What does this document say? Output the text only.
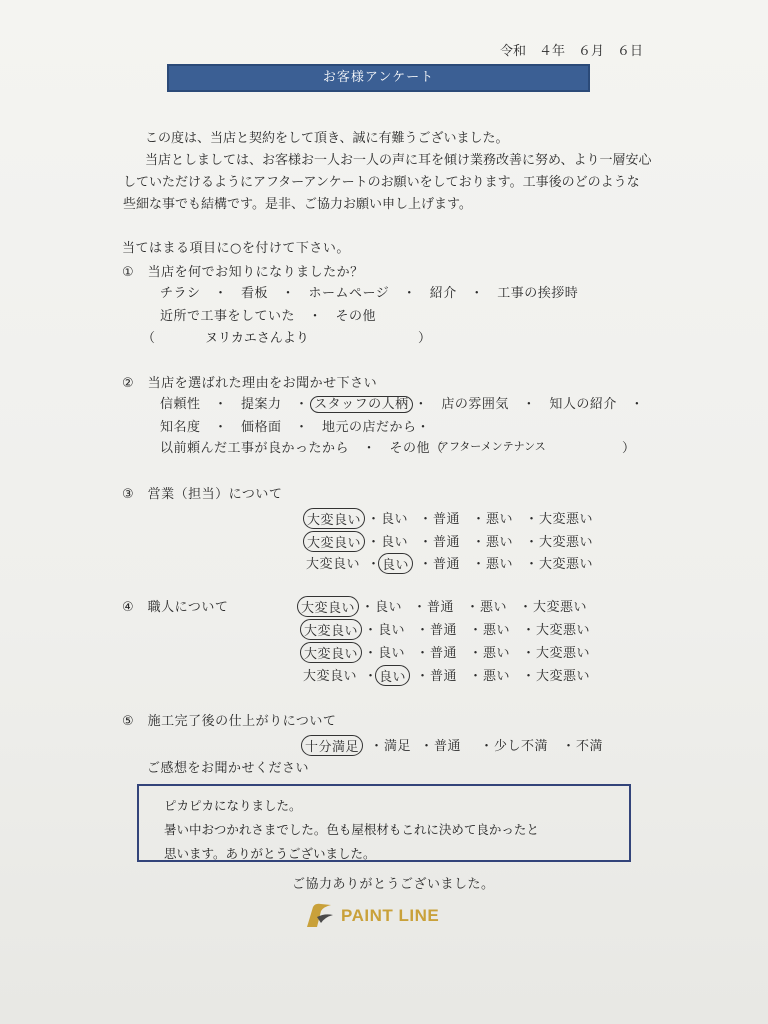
令和　４年　６月　６日
お客様アンケート

この度は、当店と契約をして頂き、誠に有難うございました。

当店としましては、お客様お一人お一人の声に耳を傾け業務改善に努め、より一層安心

していただけるようにアフターアンケートのお願いをしております。工事後のどのような

些細な事でも結構です。是非、ご協力お願い申し上げます。

当てはまる項目に○を付けて下さい。
①　当店を何でお知りになりましたか？
チラシ　・　看板　・　ホームページ　・　紹介　・　工事の挨拶時
近所で工事をしていた　・　その他
（	ヌリカエさんより	）
②　当店を選ばれた理由をお聞かせ下さい
信頼性　・　提案力　・ スタッフの人柄 ・　店の雰囲気　・　知人の紹介　・
知名度　・　価格面　・　地元の店だから・
以前頼んだ工事が良かったから　・　その他（
アフターメンテナンス	）
③　営業（担当）について
大変良い ・ 良い ・ 普通 ・ 悪い ・ 大変悪い
大変良い ・ 良い ・ 普通 ・ 悪い ・ 大変悪い
大変良い ・ 良い ・ 普通 ・ 悪い ・ 大変悪い
④　職人について	大変良い ・ 良い ・ 普通 ・ 悪い ・ 大変悪い
大変良い ・ 良い ・ 普通 ・ 悪い ・ 大変悪い
大変良い ・ 良い ・ 普通 ・ 悪い ・ 大変悪い
大変良い ・ 良い ・ 普通 ・ 悪い ・ 大変悪い
⑤　施工完了後の仕上がりについて
十分満足 ・ 満足 ・ 普通 ・ 少し不満 ・ 不満
ご感想をお聞かせください
ピカピカになりました。
暑い中おつかれさまでした。色も屋根材もこれに決めて良かったと
思います。ありがとうございました。
ご協力ありがとうございました。
PAINT LINE
